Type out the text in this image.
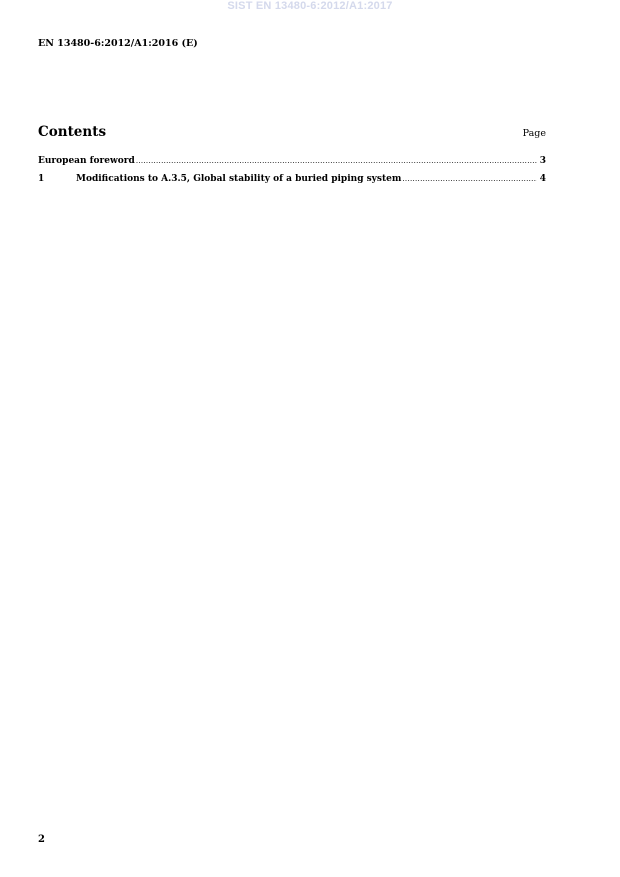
SIST EN 13480-6:2012/A1:2017
EN 13480-6:2012/A1:2016 (E)
Contents	Page
European foreword .....	3
1	Modifications to A.3.5, Global stability of a buried piping system .....	4
2
